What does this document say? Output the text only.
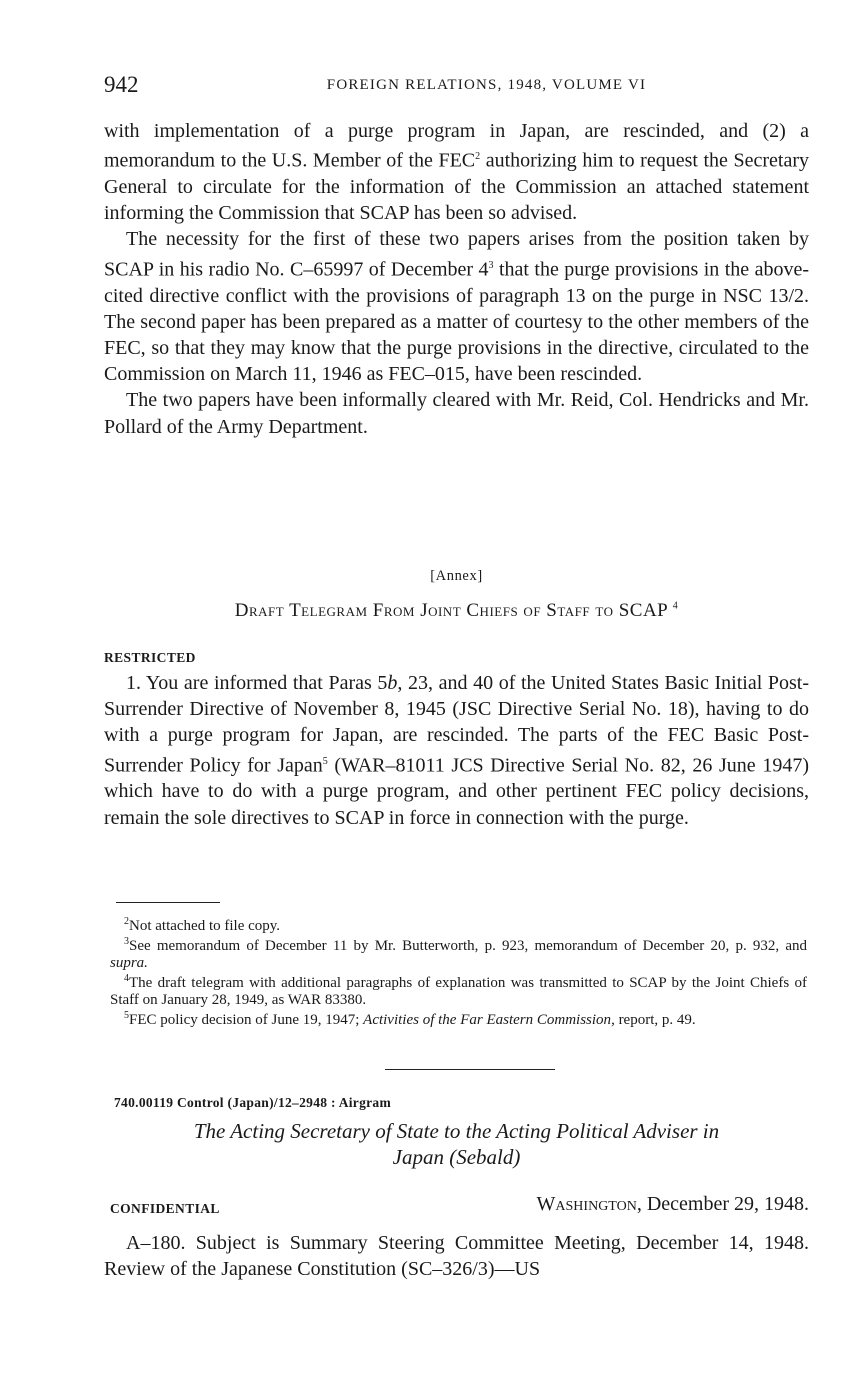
942	FOREIGN RELATIONS, 1948, VOLUME VI

with implementation of a purge program in Japan, are rescinded, and (2) a memorandum to the U.S. Member of the FEC$^2$ authorizing him to request the Secretary General to circulate for the information of the Commission an attached statement informing the Commission that SCAP has been so advised.

The necessity for the first of these two papers arises from the position taken by SCAP in his radio No. C–65997 of December $4^3$ that the purge provisions in the above-cited directive conflict with the provisions of paragraph 13 on the purge in NSC 13/2. The second paper has been prepared as a matter of courtesy to the other members of the FEC, so that they may know that the purge provisions in the directive, circulated to the Commission on March 11, 1946 as FEC–015, have been rescinded.

The two papers have been informally cleared with Mr. Reid, Col. Hendricks and Mr. Pollard of the Army Department.

[Annex]
Draft Telegram From Joint Chiefs of Staff to SCAP $^4$
RESTRICTED

1. You are informed that Paras 5b, 23, and 40 of the United States Basic Initial Post-Surrender Directive of November 8, 1945 (JSC Directive Serial No. 18), having to do with a purge program for Japan, are rescinded. The parts of the FEC Basic Post-Surrender Policy for Japan$^5$ (WAR–81011 JCS Directive Serial No. 82, 26 June 1947) which have to do with a purge program, and other pertinent FEC policy decisions, remain the sole directives to SCAP in force in connection with the purge.

$^2$Not attached to file copy.

$^3$See memorandum of December 11 by Mr. Butterworth, p. 923, memorandum of December 20, p. 932, and supra.

$^4$The draft telegram with additional paragraphs of explanation was transmitted to SCAP by the Joint Chiefs of Staff on January 28, 1949, as WAR 83380.

$^5$FEC policy decision of June 19, 1947; Activities of the Far Eastern Commission, report, p. 49.

740.00119 Control (Japan)/12–2948 : Airgram
The Acting Secretary of State to the Acting Political Adviser in
Japan (Sebald)
CONFIDENTIAL	Washington, December 29, 1948.

A–180. Subject is Summary Steering Committee Meeting, December 14, 1948. Review of the Japanese Constitution (SC–326/3)—US
